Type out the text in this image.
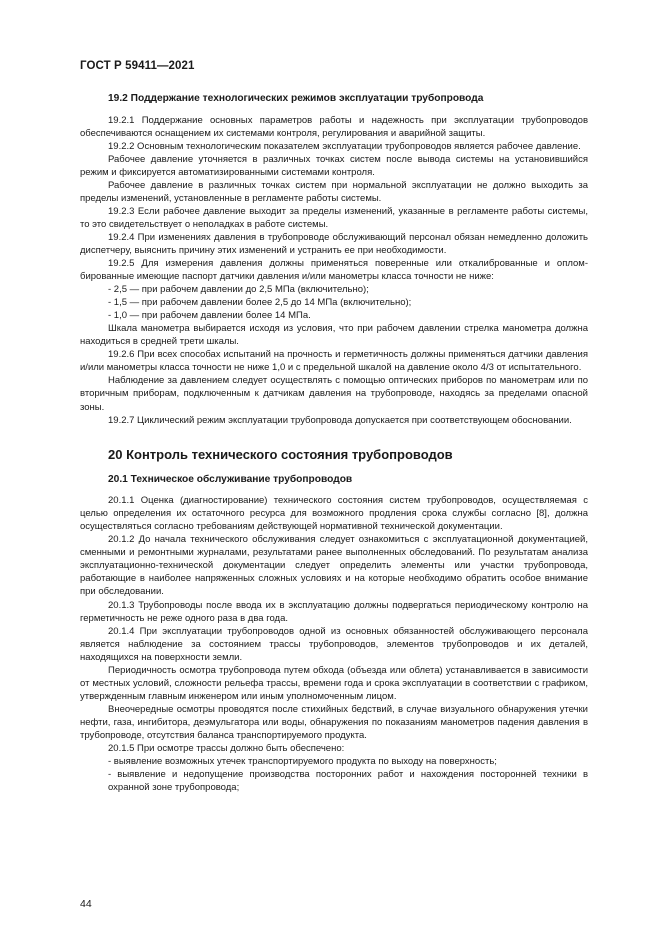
ГОСТ Р 59411—2021
19.2 Поддержание технологических режимов эксплуатации трубопровода

19.2.1 Поддержание основных параметров работы и надежность при эксплуатации трубопроводов обеспечиваются оснащением их системами контроля, регулирования и аварийной защиты.

19.2.2 Основным технологическим показателем эксплуатации трубопроводов является рабочее давление.

Рабочее давление уточняется в различных точках систем после вывода системы на установившийся режим и фиксируется автоматизированными системами контроля.

Рабочее давление в различных точках систем при нормальной эксплуатации не должно выходить за пределы изменений, установленные в регламенте работы системы.

19.2.3 Если рабочее давление выходит за пределы изменений, указанные в регламенте работы системы, то это свидетельствует о неполадках в работе системы.

19.2.4 При изменениях давления в трубопроводе обслуживающий персонал обязан немедленно доложить диспетчеру, выяснить причину этих изменений и устранить ее при необходимости.

19.2.5 Для измерения давления должны применяться поверенные или откалиброванные и опломбированные имеющие паспорт датчики давления и/или манометры класса точности не ниже:

- 2,5 — при рабочем давлении до 2,5 МПа (включительно);

- 1,5 — при рабочем давлении более 2,5 до 14 МПа (включительно);

- 1,0 — при рабочем давлении более 14 МПа.

Шкала манометра выбирается исходя из условия, что при рабочем давлении стрелка манометра должна находиться в средней трети шкалы.

19.2.6 При всех способах испытаний на прочность и герметичность должны применяться датчики давления и/или манометры класса точности не ниже 1,0 и с предельной шкалой на давление около 4/3 от испытательного.

Наблюдение за давлением следует осуществлять с помощью оптических приборов по манометрам или по вторичным приборам, подключенным к датчикам давления на трубопроводе, находясь за пределами опасной зоны.

19.2.7 Циклический режим эксплуатации трубопровода допускается при соответствующем обосновании.

20 Контроль технического состояния трубопроводов
20.1 Техническое обслуживание трубопроводов

20.1.1 Оценка (диагностирование) технического состояния систем трубопроводов, осуществляемая с целью определения их остаточного ресурса для возможного продления срока службы согласно [8], должна осуществляться согласно требованиям действующей нормативной технической документации.

20.1.2 До начала технического обслуживания следует ознакомиться с эксплуатационной документацией, сменными и ремонтными журналами, результатами ранее выполненных обследований. По результатам анализа эксплуатационно-технической документации следует определить элементы или участки трубопровода, работающие в наиболее напряженных сложных условиях и на которые необходимо обратить особое внимание при обследовании.

20.1.3 Трубопроводы после ввода их в эксплуатацию должны подвергаться периодическому контролю на герметичность не реже одного раза в два года.

20.1.4 При эксплуатации трубопроводов одной из основных обязанностей обслуживающего персонала является наблюдение за состоянием трассы трубопроводов, элементов трубопроводов и их деталей, находящихся на поверхности земли.

Периодичность осмотра трубопровода путем обхода (объезда или облета) устанавливается в зависимости от местных условий, сложности рельефа трассы, времени года и срока эксплуатации в соответствии с графиком, утвержденным главным инженером или иным уполномоченным лицом.

Внеочередные осмотры проводятся после стихийных бедствий, в случае визуального обнаружения утечки нефти, газа, ингибитора, деэмульгатора или воды, обнаружения по показаниям манометров падения давления в трубопроводе, отсутствия баланса транспортируемого продукта.

20.1.5 При осмотре трассы должно быть обеспечено:

- выявление возможных утечек транспортируемого продукта по выходу на поверхность;

- выявление и недопущение производства посторонних работ и нахождения посторонней техники в охранной зоне трубопровода;

44
